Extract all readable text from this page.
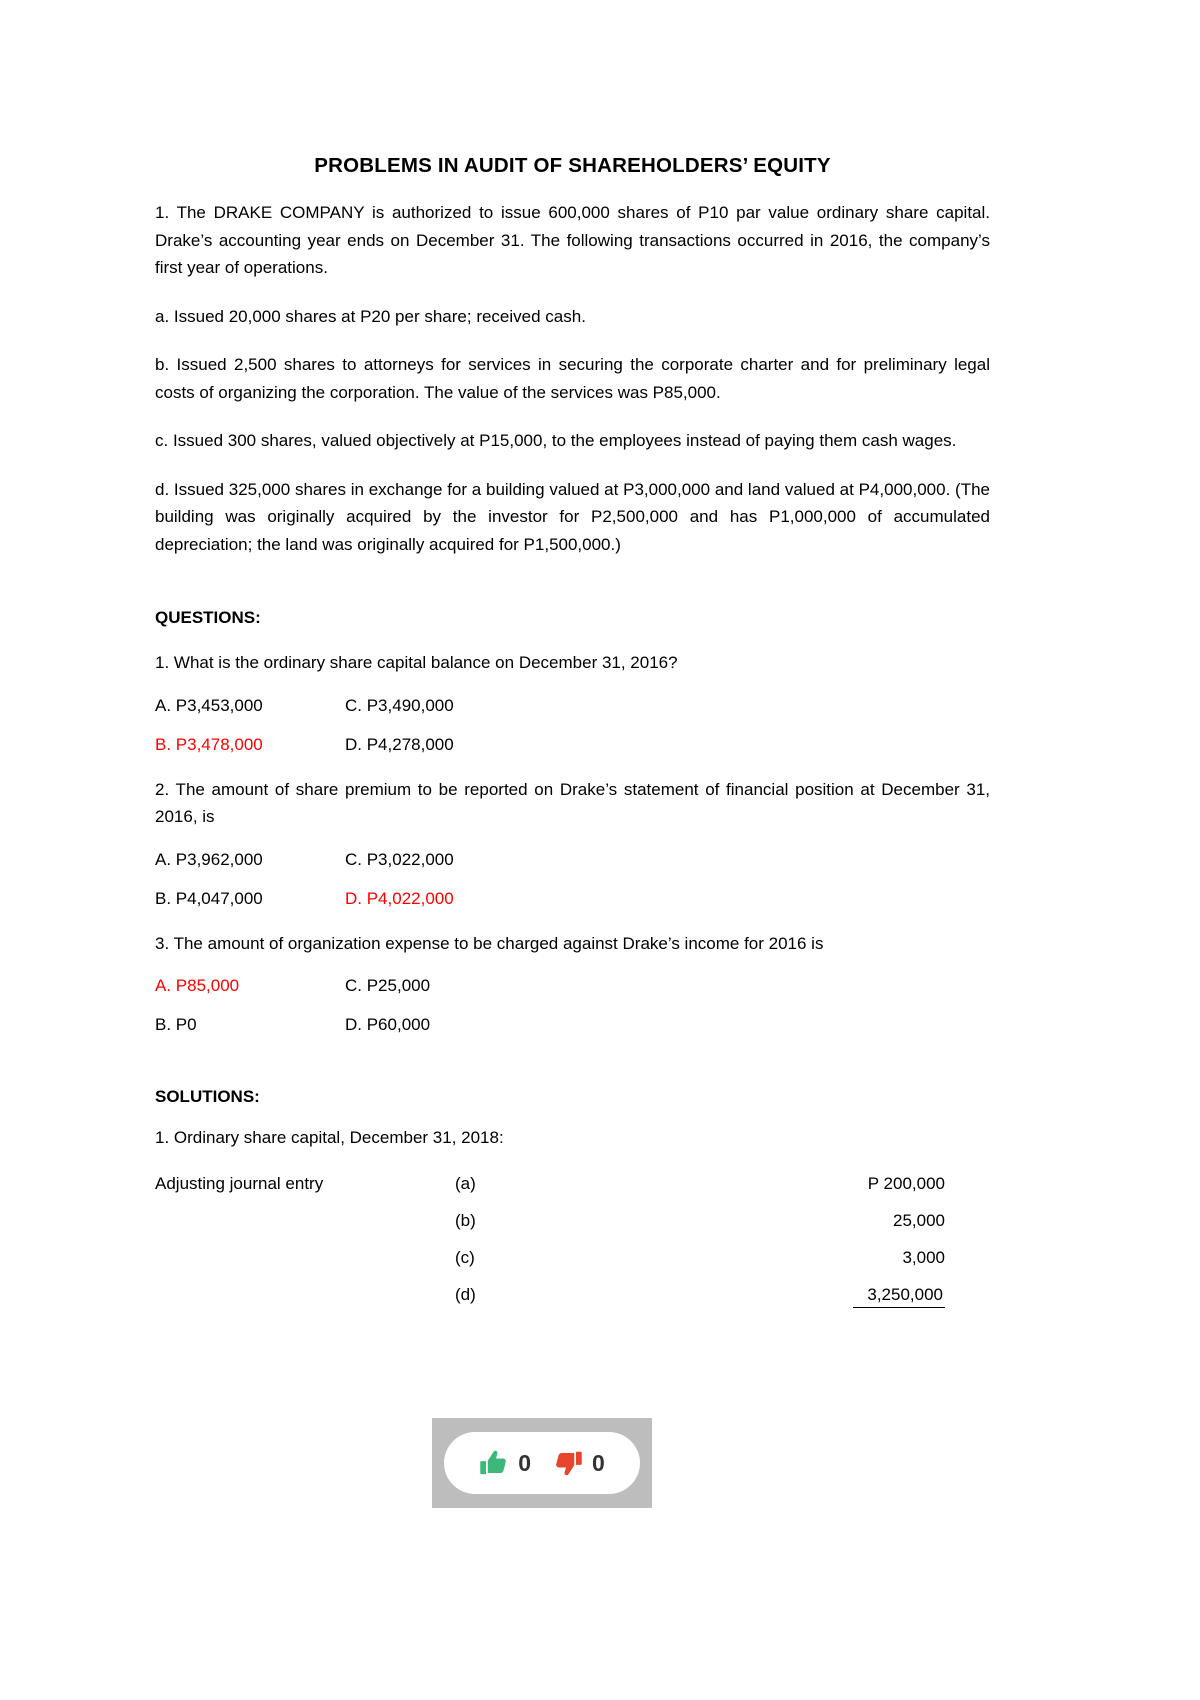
PROBLEMS IN AUDIT OF SHAREHOLDERS’ EQUITY

1. The DRAKE COMPANY is authorized to issue 600,000 shares of P10 par value ordinary share capital. Drake’s accounting year ends on December 31. The following transactions occurred in 2016, the company’s first year of operations.

a. Issued 20,000 shares at P20 per share; received cash.

b. Issued 2,500 shares to attorneys for services in securing the corporate charter and for preliminary legal costs of organizing the corporation. The value of the services was P85,000.

c. Issued 300 shares, valued objectively at P15,000, to the employees instead of paying them cash wages.

d. Issued 325,000 shares in exchange for a building valued at P3,000,000 and land valued at P4,000,000. (The building was originally acquired by the investor for P2,500,000 and has P1,000,000 of accumulated depreciation; the land was originally acquired for P1,500,000.)

QUESTIONS:

1. What is the ordinary share capital balance on December 31, 2016?

A. P3,453,000	C. P3,490,000
B. P3,478,000	D. P4,278,000

2. The amount of share premium to be reported on Drake’s statement of financial position at December 31, 2016, is

A. P3,962,000	C. P3,022,000
B. P4,047,000	D. P4,022,000

3. The amount of organization expense to be charged against Drake’s income for 2016 is

A. P85,000	C. P25,000
B. P0	D. P60,000
SOLUTIONS:
1. Ordinary share capital, December 31, 2018:
Adjusting journal entry	(a)	P 200,000
	(b)	25,000
	(c)	3,000
	(d)	3,250,000
0	0
